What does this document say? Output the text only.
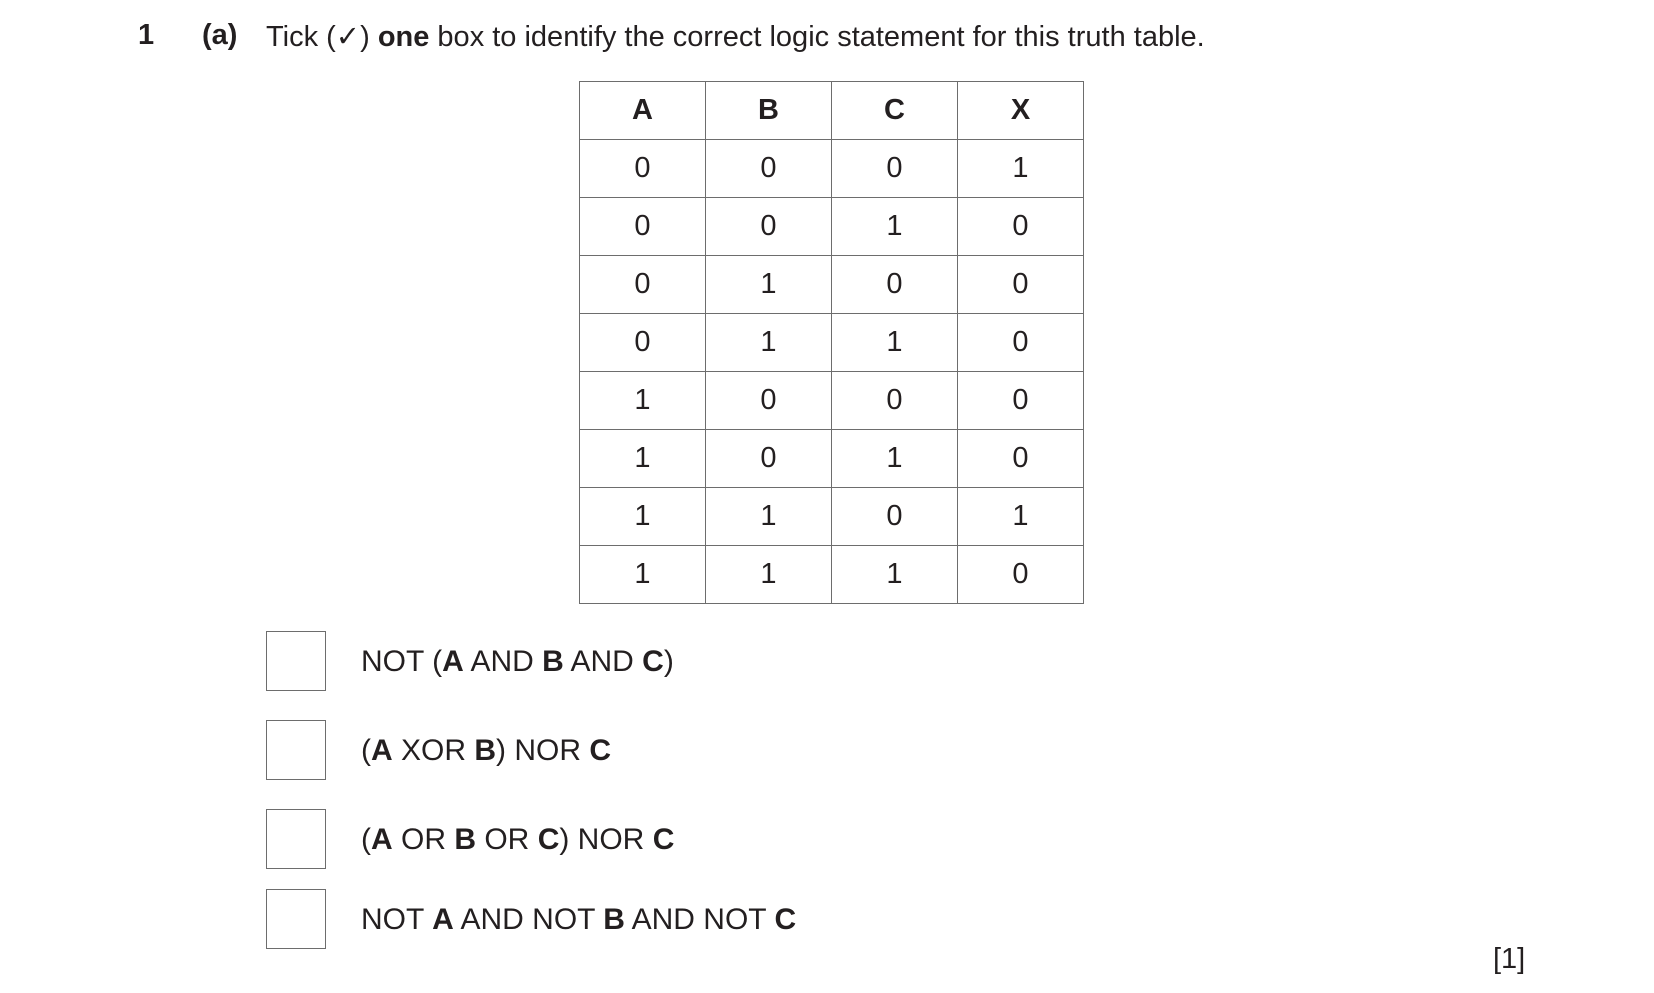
1 (a) Tick (✓) one box to identify the correct logic statement for this truth table.
A	B	C	X
0	0	0	1
0	0	1	0
0	1	0	0
0	1	1	0
1	0	0	0
1	0	1	0
1	1	0	1
1	1	1	0
NOT (A AND B AND C)
(A XOR B) NOR C
(A OR B OR C) NOR C
NOT A AND NOT B AND NOT C
[1]
